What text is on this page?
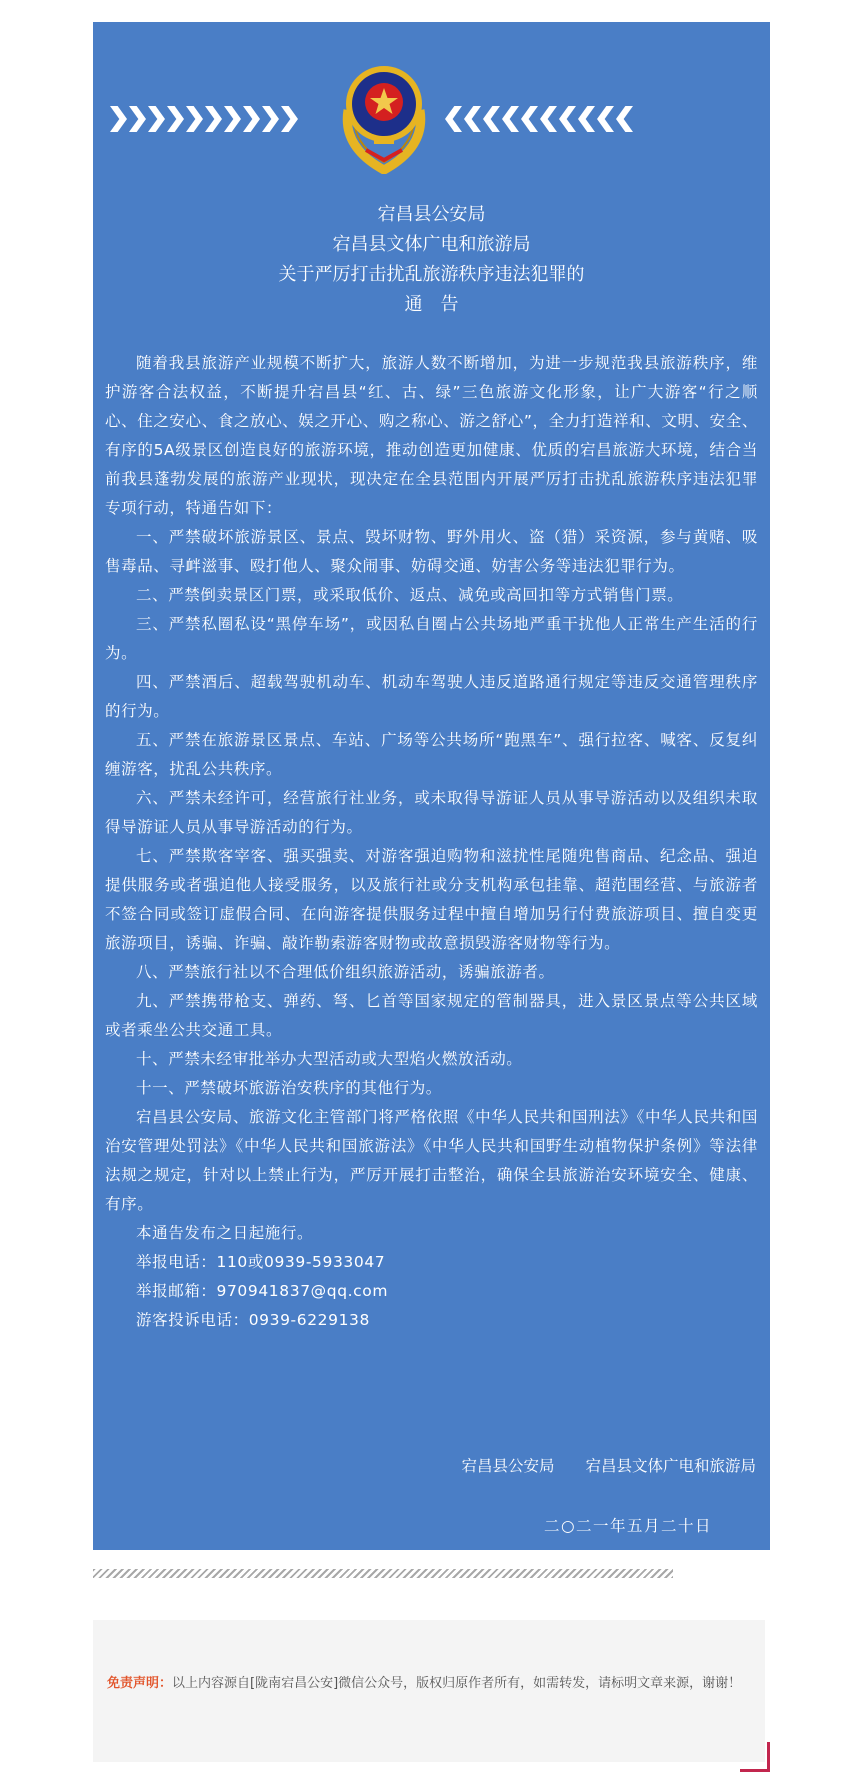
宕昌县公安局
宕昌县文体广电和旅游局
关于严厉打击扰乱旅游秩序违法犯罪的
通　告

随着我县旅游产业规模不断扩大，旅游人数不断增加，为进一步规范我县旅游秩序，维护游客合法权益，不断提升宕昌县“红、古、绿”三色旅游文化形象，让广大游客“行之顺心、住之安心、食之放心、娱之开心、购之称心、游之舒心”，全力打造祥和、文明、安全、有序的5A级景区创造良好的旅游环境，推动创造更加健康、优质的宕昌旅游大环境，结合当前我县蓬勃发展的旅游产业现状，现决定在全县范围内开展严厉打击扰乱旅游秩序违法犯罪专项行动，特通告如下：

一、严禁破坏旅游景区、景点、毁坏财物、野外用火、盗（猎）采资源，参与黄赌、吸售毒品、寻衅滋事、殴打他人、聚众闹事、妨碍交通、妨害公务等违法犯罪行为。

二、严禁倒卖景区门票，或采取低价、返点、减免或高回扣等方式销售门票。

三、严禁私圈私设“黑停车场”，或因私自圈占公共场地严重干扰他人正常生产生活的行为。

四、严禁酒后、超载驾驶机动车、机动车驾驶人违反道路通行规定等违反交通管理秩序的行为。

五、严禁在旅游景区景点、车站、广场等公共场所“跑黑车”、强行拉客、喊客、反复纠缠游客，扰乱公共秩序。

六、严禁未经许可，经营旅行社业务，或未取得导游证人员从事导游活动以及组织未取得导游证人员从事导游活动的行为。

七、严禁欺客宰客、强买强卖、对游客强迫购物和滋扰性尾随兜售商品、纪念品、强迫提供服务或者强迫他人接受服务，以及旅行社或分支机构承包挂靠、超范围经营、与旅游者不签合同或签订虚假合同、在向游客提供服务过程中擅自增加另行付费旅游项目、擅自变更旅游项目，诱骗、诈骗、敲诈勒索游客财物或故意损毁游客财物等行为。

八、严禁旅行社以不合理低价组织旅游活动，诱骗旅游者。

九、严禁携带枪支、弹药、弩、匕首等国家规定的管制器具，进入景区景点等公共区域或者乘坐公共交通工具。

十、严禁未经审批举办大型活动或大型焰火燃放活动。

十一、严禁破坏旅游治安秩序的其他行为。

宕昌县公安局、旅游文化主管部门将严格依照《中华人民共和国刑法》《中华人民共和国治安管理处罚法》《中华人民共和国旅游法》《中华人民共和国野生动植物保护条例》等法律法规之规定，针对以上禁止行为，严厉开展打击整治，确保全县旅游治安环境安全、健康、有序。

本通告发布之日起施行。

举报电话：110或0939-5933047

举报邮箱：970941837@qq.com

游客投诉电话：0939-6229138

宕昌县公安局　　宕昌县文体广电和旅游局
二○二一年五月二十日
免责声明：以上内容源自[陇南宕昌公安]微信公众号，版权归原作者所有，如需转发，请标明文章来源，谢谢！
